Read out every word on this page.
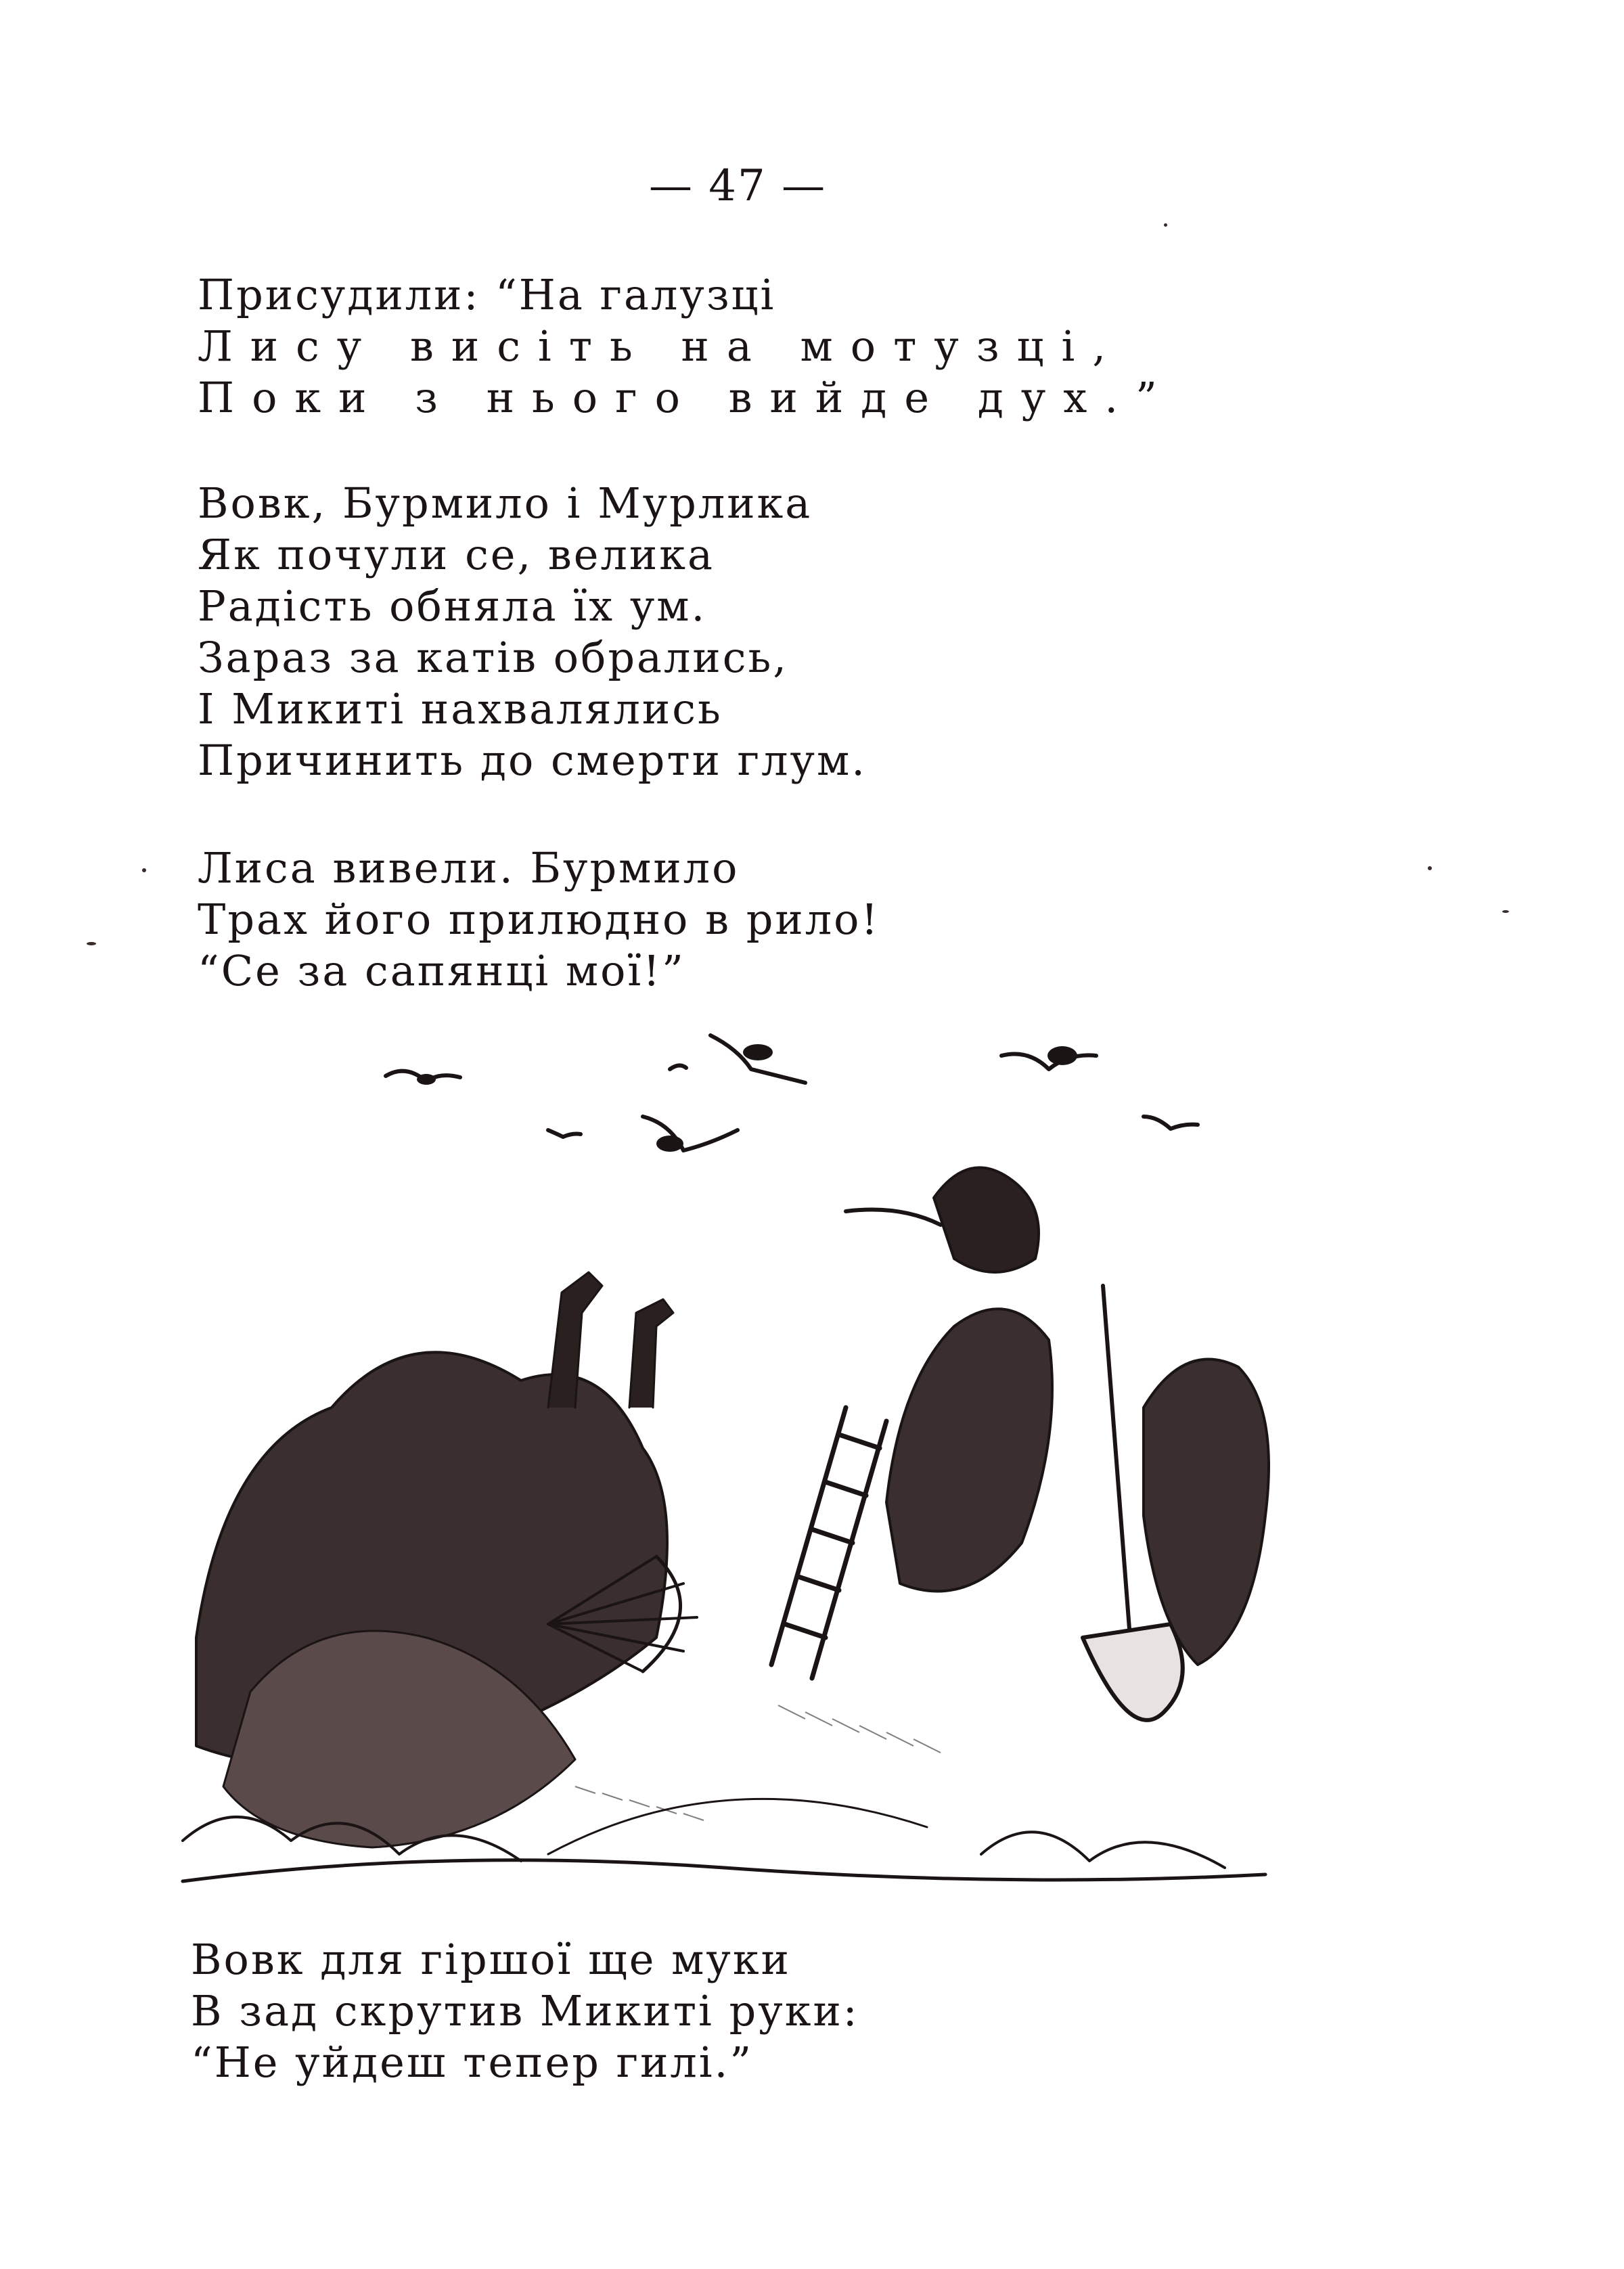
— 47 —
Присудили: “На галузці
Лису висіть на мотузці,
Поки з нього вийде дух.”
Вовк, Бурмило і Мурлика
Як почули се, велика
Радість обняла їх ум.
Зараз за катів обрались,
І Микиті нахвалялись
Причинить до смерти глум.
Лиса вивели. Бурмило
Трах його прилюдно в рило!
“Се за сапянці мої!”
Вовк для гіршої ще муки
В зад скрутив Микиті руки:
“Не уйдеш тепер гилі.”
